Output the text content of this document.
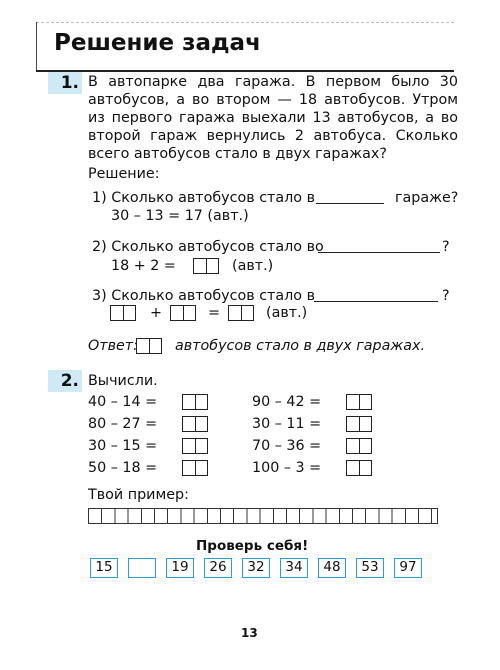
Решение задач
1. В автопарке два гаража. В первом было 30 автобусов, а во втором — 18 автобусов. Утром из первого гаража выехали 13 автобусов, а во второй гараж вернулись 2 автобуса. Сколько всего автобусов стало в двух гаражах?
Решение:
1) Сколько автобусов стало в	гараже?
30 – 13 = 17 (авт.)
2) Сколько автобусов стало во	?
18 + 2 =	(авт.)
3) Сколько автобусов стало в	?
+	=	(авт.)
Ответ:	автобусов стало в двух гаражах.
2. Вычисли.
40 – 14 =
80 – 27 =
30 – 15 =
50 – 18 =
90 – 42 =
30 – 11 =
70 – 36 =
100 – 3 =
Твой пример:
Проверь себя!
15	19	26	32	34	48	53	97
13
